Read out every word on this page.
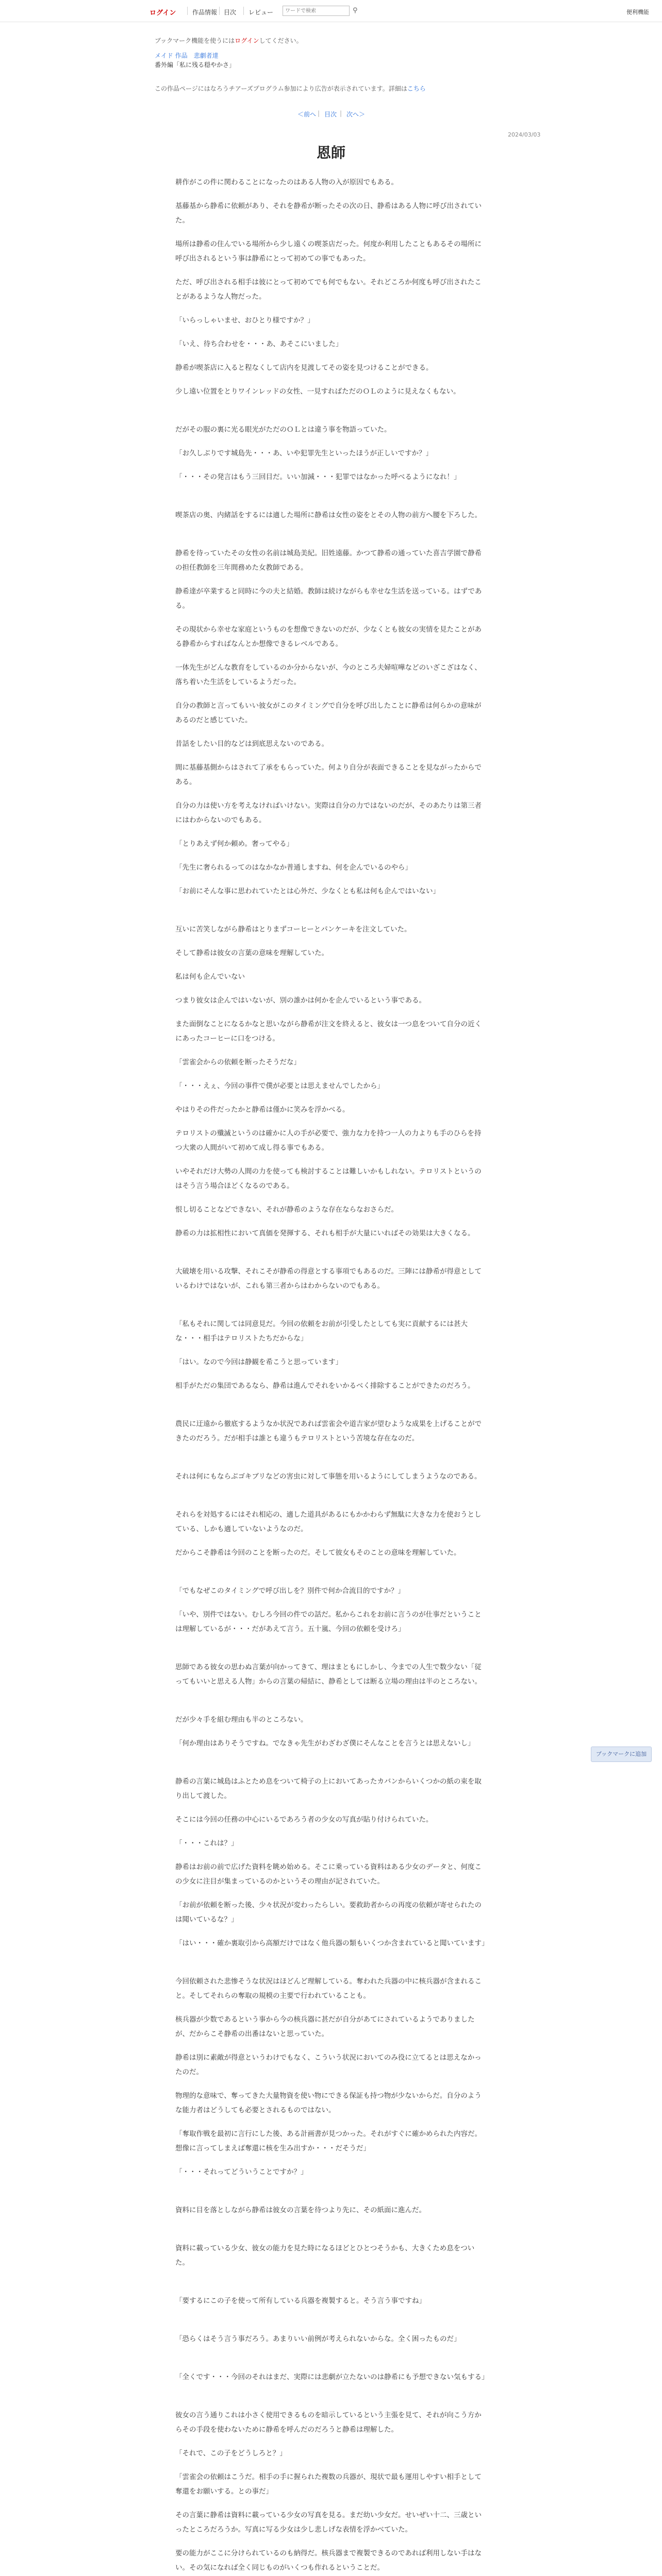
ログイン	作品情報 目次 レビュー
ワードで検索	⚲	便利機能
ブックマーク機能を使うにはログインしてください。
メイド 作品　悲劇者達
番外編「私に残る穏やかさ」
この作品ページにはなろうチアーズプログラム参加により広告が表示されています。詳細はこちら
＜前へ | 目次 | 次へ＞
2024/03/03
恩師
耕作がこの件に関わることになったのはある人物の入が原因でもある。
基藤基から静希に依頼があり、それを静希が断ったその次の日、静希はある人物に呼び出されていた。
場所は静希の住んでいる場所から少し遠くの喫茶店だった。何度か利用したこともあるその場所に呼び出されるという事は静希にとって初めての事でもあった。
ただ、呼び出される相手は彼にとって初めてでも何でもない。それどころか何度も呼び出されたことがあるような人物だった。
「いらっしゃいませ、おひとり様ですか？」
「いえ、待ち合わせを・・・あ、あそこにいました」
静希が喫茶店に入ると程なくして店内を見渡してその姿を見つけることができる。
少し遠い位置をとりワインレッドの女性、一見すればただのＯＬのように見えなくもない。
だがその服の裏に光る眼光がただのＯＬとは違う事を物語っていた。
「お久しぶりです城島先・・・あ、いや犯罪先生といったほうが正しいですか？」
「・・・その発言はもう三回目だ。いい加減・・・犯罪ではなかった呼べるようになれ！」
喫茶店の奥、内緒話をするには適した場所に静希は女性の姿をとその人物の前方へ腰を下ろした。
静希を待っていたその女性の名前は城島美紀。旧姓遠藤。かつて静希の通っていた喜吉学園で静希の担任教師を三年間務めた女教師である。
静希達が卒業すると同時に今の夫と結婚。教師は続けながらも幸せな生活を送っている。はずである。
その現状から幸せな家庭というものを想像できないのだが、少なくとも彼女の実情を見たことがある静希からすればなんとか想像できるレベルである。
一体先生がどんな教育をしているのか分からないが、今のところ夫婦喧嘩などのいざこざはなく、落ち着いた生活をしているようだった。
自分の教師と言ってもいい彼女がこのタイミングで自分を呼び出したことに静希は何らかの意味があるのだと感じていた。
昔話をしたい目的などは到底思えないのである。
間に基藤基側からはされて了承をもらっていた。何より自分が表面できることを見ながったからである。
自分の力は使い方を考えなければいけない。実際は自分の力ではないのだが、そのあたりは第三者にはわからないのでもある。
「とりあえず何か頼め。奢ってやる」
「先生に奢られるってのはなかなか普通しますね、何を企んでいるのやら」
「お前にそんな事に思われていたとは心外だ、少なくとも私は何も企んではいない」
互いに苦笑しながら静希はとりまずコーヒーとパンケーキを注文していた。
そして静希は彼女の言葉の意味を理解していた。
私は何も企んでいない
つまり彼女は企んではいないが、別の誰かは何かを企んでいるという事である。
また面倒なことになるかなと思いながら静希が注文を終えると、彼女は一つ息をついて自分の近くにあったコーヒーに口をつける。
「雲雀会からの依頼を断ったそうだな」
「・・・えぇ、今回の事件で僕が必要とは思えませんでしたから」
やはりその件だったかと静希は僅かに笑みを浮かべる。
テロリストの殲滅というのは確かに人の手が必要で、強力な力を持つ一人の力よりも手のひらを持つ大衆の人間がいて初めて成し得る事でもある。
いやそれだけ大勢の人間の力を使っても検討することは難しいかもしれない。テロリストというのはそう言う場合ほどくなるのである。
恨し切ることなどできない、それが静希のような存在ならなおさらだ。
静希の力は拡相性において真価を発揮する、それも相手が大量にいればその効果は大きくなる。
大破壊を用いる攻撃、それこそが静希の得意とする事項でもあるのだ。三陣には静希が得意としているわけではないが、これも第三者からはわからないのでもある。
「私もそれに関しては同意見だ。今回の依頼をお前が引受したとしても実に貢献するには甚大な・・・相手はテロリストたちだからな」
「はい。なので今回は静観を希こうと思っています」
相手がただの集団であるなら、静希は進んでそれをいかるべく排除することができたのだろう。
農民に迂遠から徹底するようなか状況であれば雲雀会や道吉家が望むような成果を上げることができたのだろう。だが相手は誰とも違うもテロリストという苦境な存在なのだ。
それは何にもならぶゴキブリなどの害虫に対して事態を用いるようにしてしまうようなのである。
それらを対処するにはそれ相応の、適した道具があるにもかかわらず無駄に大きな力を使おうとしている、しかも適していないようなのだ。
だからこそ静希は今回のことを断ったのだ。そして彼女もそのことの意味を理解していた。
「でもなぜこのタイミングで呼び出しを？別件で何か合流目的ですか？」
「いや、別件ではない。むしろ今回の件での話だ。私からこれをお前に言うのが仕事だということは理解しているが・・・だがあえて言う。五十嵐、今回の依頼を受けろ」
思師である彼女の思わぬ言葉が向かってきて、理はまともにしかし、今までの人生で数少ない「従ってもいいと思える人物」からの言葉の帰結に、静希としては断る立場の理由は半のところない。
だが少々手を組む理由も半のところない。
「何か理由はありそうですね。でなきゃ先生がわざわざ僕にそんなことを言うとは思えないし」
静希の言葉に城島はふとため息をついて椅子の上においてあったカバンからいくつかの紙の束を取り出して渡した。
そこには今回の任務の中心にいるであろう者の少女の写真が貼り付けられていた。
「・・・これは？」
静希はお前の前で広げた資料を眺め始める。そこに乗っている資料はある少女のデータと、何度この少女に注目が集まっているのかというその理由が記されていた。
「お前が依頼を断った後、少々状況が変わったらしい。要救助者からの再度の依頼が寄せられたのは聞いているな？」
「はい・・・確か裏取引から高額だけではなく他兵器の類もいくつか含まれていると聞いています」
今回依頼された悲惨そうな状況はほどんど理解している。奪われた兵器の中に核兵器が含まれること。そしてそれらの奪取の規模の主要で行われていることも。
核兵器が少数であるという事から今の核兵器に甚だが自分があてにされているようでありましたが、だからこそ静希の出番はないと思っていた。
静希は別に素敵が得意というわけでもなく、こういう状況においてのみ役に立てるとは思えなかったのだ。
物理的な意味で、奪ってきた大量物資を使い物にできる保証も持つ物が少ないからだ。自分のような能力者はどうしても必要とされるものではない。
「奪取作戦を最初に言行にした後、ある計画書が見つかった。それがすぐに確かめられた内容だ。想像に言ってしまえば奪還に核を生み出すか・・・だそうだ」
「・・・それってどういうことですか？」
資料に目を落としながら静希は彼女の言葉を待つより先に、その紙面に進んだ。
資料に載っている少女、彼女の能力を見た時になるほどとひとつそうかも、大きくため息をついた。
「要するにこの子を使って所有している兵器を複製すると。そう言う事ですね」
「恐らくはそう言う事だろう。あまりいい前例が考えられないからな。全く困ったものだ」
「全くです・・・今回のそれはまだ、実際には悲劇が立たないのは静希にも予想できない気もする」
彼女の言う通りこれは小さく使用できるものを暗示しているという主張を見て、それが向こう方からその手段を使わないために静希を呼んだのだろうと静希は理解した。
「それで、この子をどうしろと？」
「雲雀会の依頼はこうだ。相手の手に握られた複数の兵器が、現状で最も運用しやすい相手として奪還をお願いする。との事だ」
その言葉に静希は資料に載っている少女の写真を見る。まだ幼い少女だ。せいぜい十二、三歳といったところだろうか。写真に写る少女は少し悲しげな表情を浮かべていた。
要の能力がここに分けられているのも納得だ。核兵器まで複製できるのであれば利用しない手はない。その気になれば全く同じものがいくつも作れるということだ。
ブックマークに追加
